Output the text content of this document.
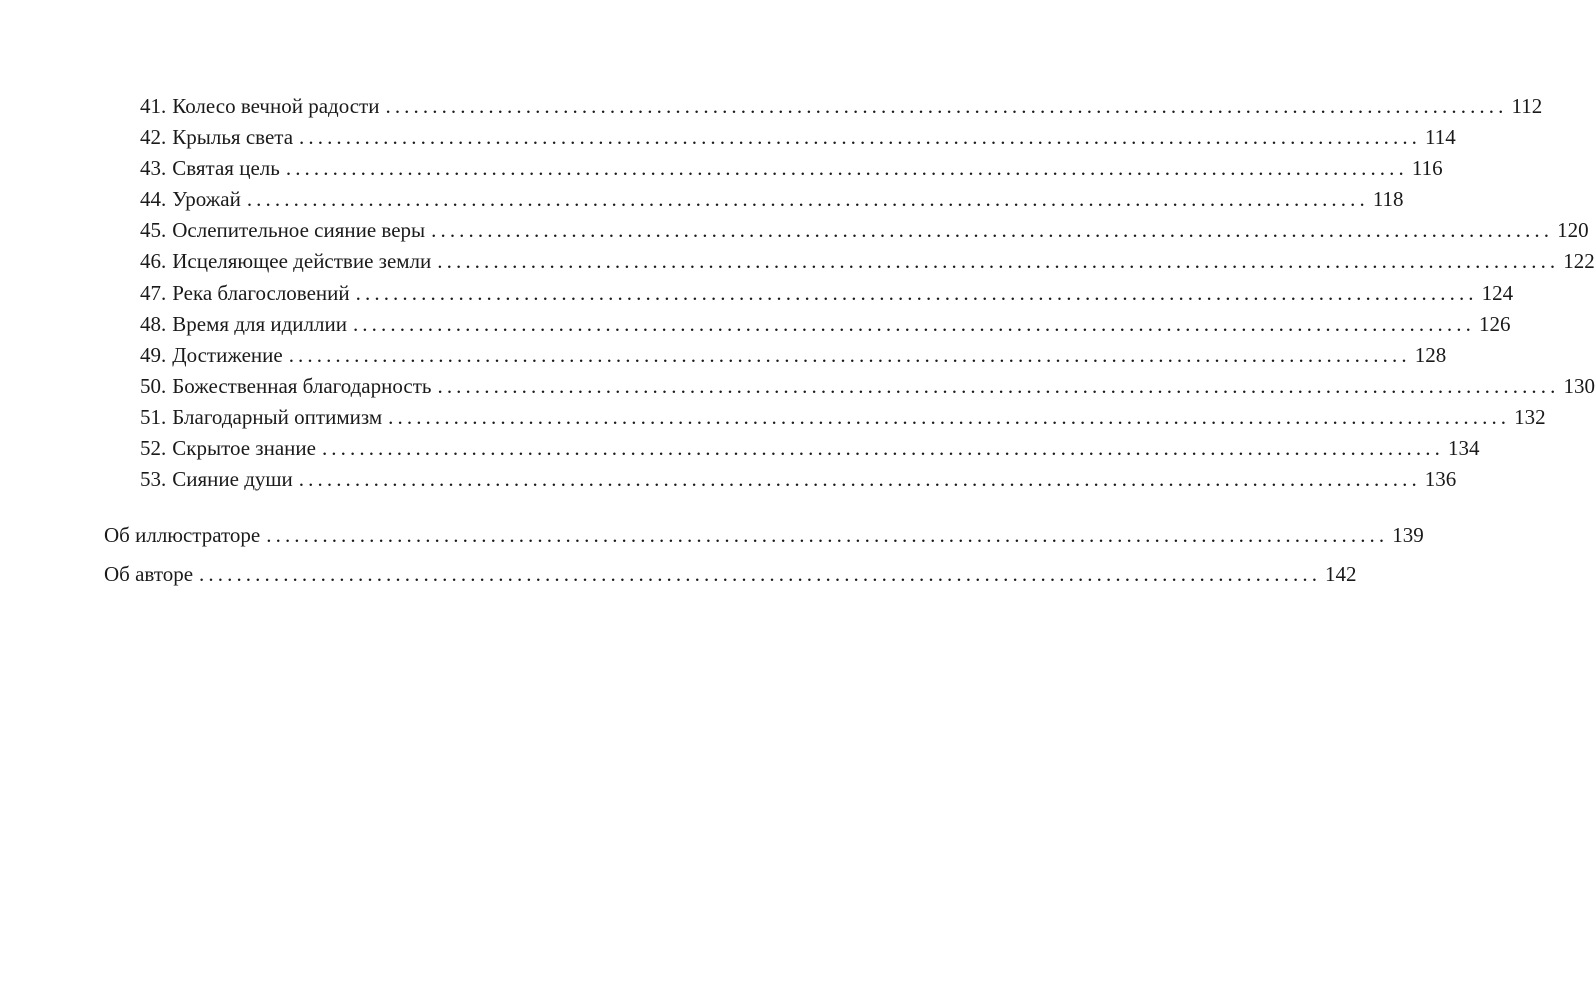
41. Колесо вечной радости ........................................................................................................................ 112
42. Крылья света ........................................................................................................................ 114
43. Святая цель ........................................................................................................................ 116
44. Урожай ........................................................................................................................ 118
45. Ослепительное сияние веры ........................................................................................................................ 120
46. Исцеляющее действие земли ........................................................................................................................ 122
47. Река благословений ........................................................................................................................ 124
48. Время для идиллии ........................................................................................................................ 126
49. Достижение ........................................................................................................................ 128
50. Божественная благодарность ........................................................................................................................ 130
51. Благодарный оптимизм ........................................................................................................................ 132
52. Скрытое знание ........................................................................................................................ 134
53. Сияние души ........................................................................................................................ 136
Об иллюстраторе ........................................................................................................................ 139
Об авторе ........................................................................................................................ 142
